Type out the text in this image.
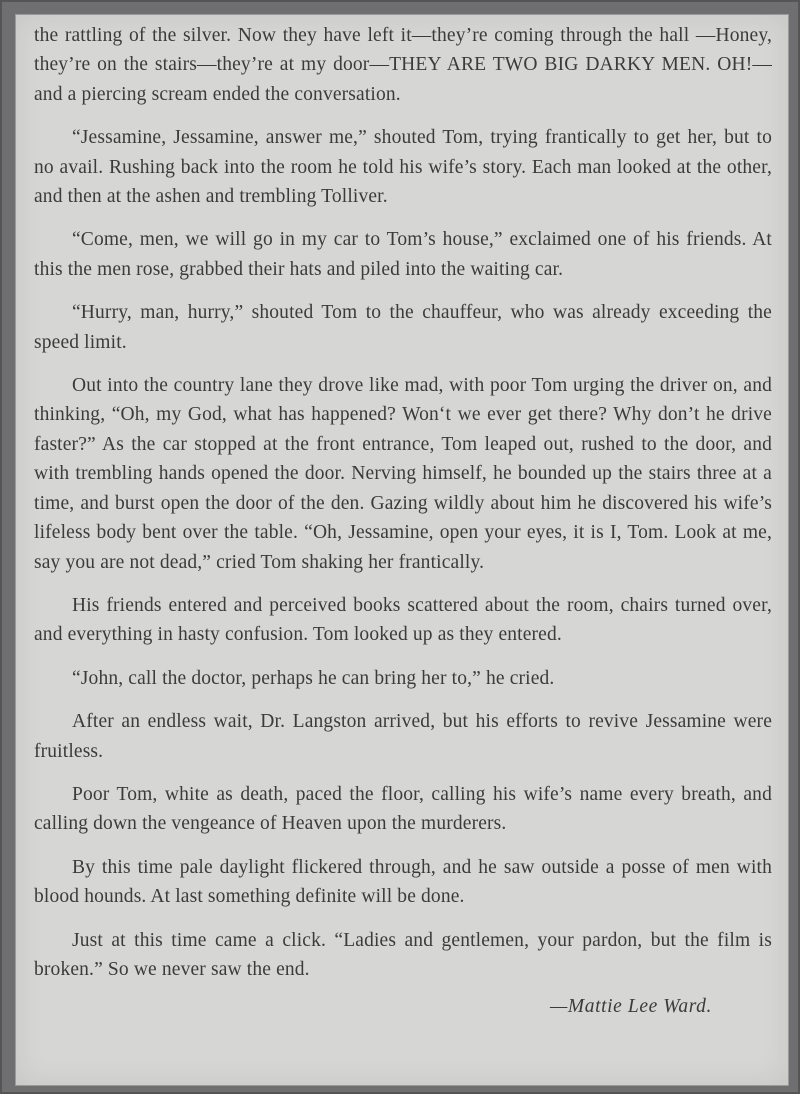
the rattling of the silver. Now they have left it—they’re coming through the hall —Honey, they’re on the stairs—they’re at my door—THEY ARE TWO BIG DARKY MEN. OH!—and a piercing scream ended the conversation.

“Jessamine, Jessamine, answer me,” shouted Tom, trying frantically to get her, but to no avail. Rushing back into the room he told his wife’s story. Each man looked at the other, and then at the ashen and trembling Tolliver.

“Come, men, we will go in my car to Tom’s house,” exclaimed one of his friends. At this the men rose, grabbed their hats and piled into the waiting car.

“Hurry, man, hurry,” shouted Tom to the chauffeur, who was already exceeding the speed limit.

Out into the country lane they drove like mad, with poor Tom urging the driver on, and thinking, “Oh, my God, what has happened? Won‘t we ever get there? Why don’t he drive faster?” As the car stopped at the front entrance, Tom leaped out, rushed to the door, and with trembling hands opened the door. Nerving himself, he bounded up the stairs three at a time, and burst open the door of the den. Gazing wildly about him he discovered his wife’s lifeless body bent over the table. “Oh, Jessamine, open your eyes, it is I, Tom. Look at me, say you are not dead,” cried Tom shaking her frantically.

His friends entered and perceived books scattered about the room, chairs turned over, and everything in hasty confusion. Tom looked up as they entered.

“John, call the doctor, perhaps he can bring her to,” he cried.

After an endless wait, Dr. Langston arrived, but his efforts to revive Jessamine were fruitless.

Poor Tom, white as death, paced the floor, calling his wife’s name every breath, and calling down the vengeance of Heaven upon the murderers.

By this time pale daylight flickered through, and he saw outside a posse of men with blood hounds. At last something definite will be done.

Just at this time came a click. “Ladies and gentlemen, your pardon, but the film is broken.” So we never saw the end.

—Mattie Lee Ward.
